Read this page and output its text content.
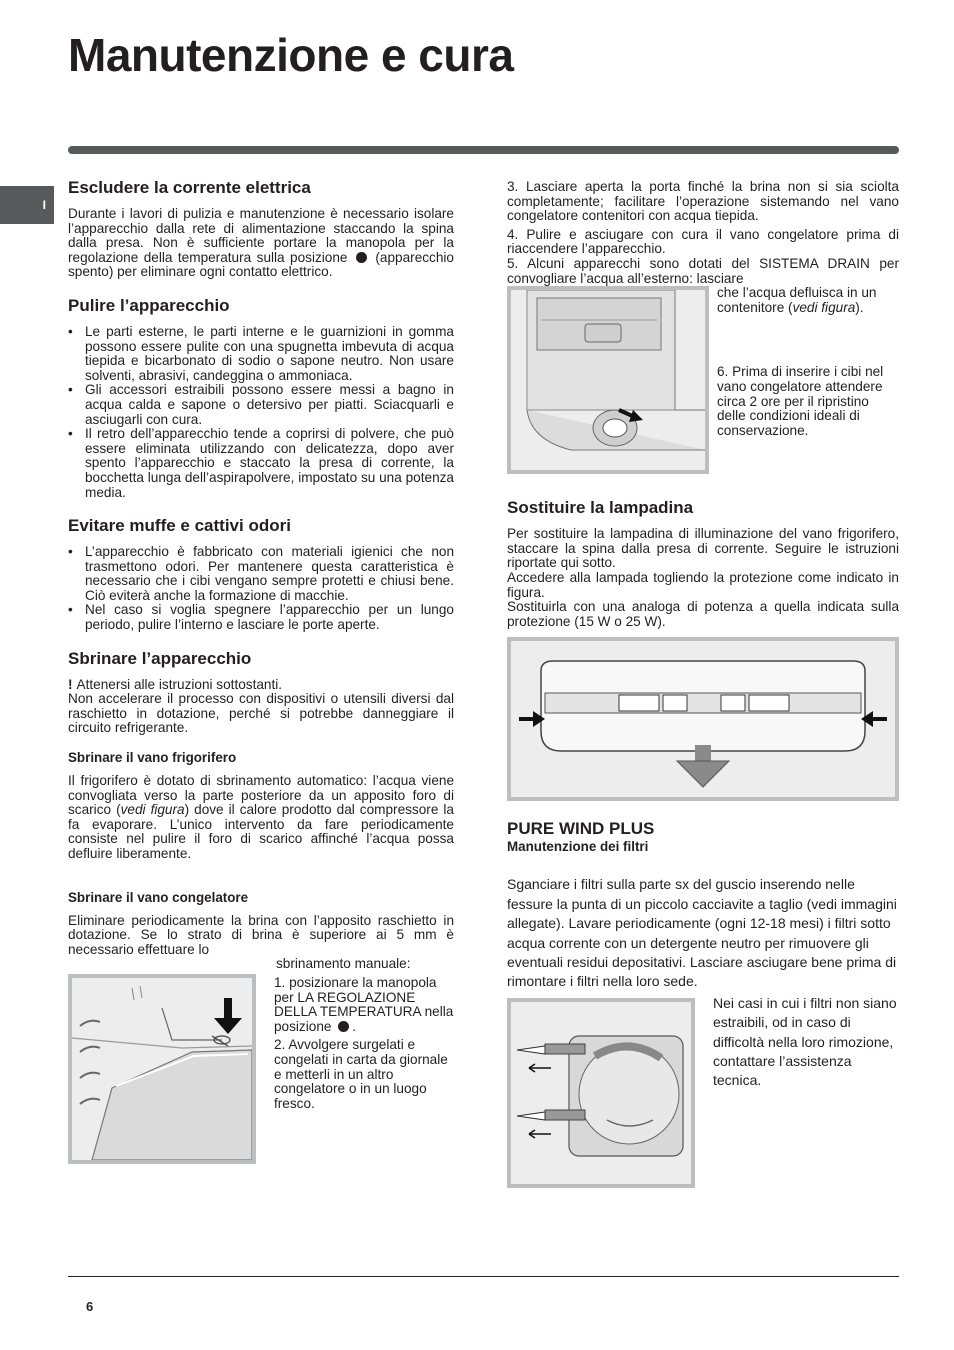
Manutenzione e cura
I
Escludere la corrente elettrica

Durante i lavori di pulizia e manutenzione è necessario isolare l’apparecchio dalla rete di alimentazione staccando la spina dalla presa. Non è sufficiente portare la manopola per la regolazione della temperatura sulla posizione (apparecchio spento) per eliminare ogni contatto elettrico.

Pulire l’apparecchio
• Le parti esterne, le parti interne e le guarnizioni in gomma possono essere pulite con una spugnetta imbevuta di acqua tiepida e bicarbonato di sodio o sapone neutro. Non usare solventi, abrasivi, candeggina o ammoniaca.
• Gli accessori estraibili possono essere messi a bagno in acqua calda e sapone o detersivo per piatti. Sciacquarli e asciugarli con cura.
• Il retro dell’apparecchio tende a coprirsi di polvere, che può essere eliminata utilizzando con delicatezza, dopo aver spento l’apparecchio e staccato la presa di corrente, la bocchetta lunga dell’aspirapolvere, impostato su una potenza media.
Evitare muffe e cattivi odori
• L’apparecchio è fabbricato con materiali igienici che non trasmettono odori. Per mantenere questa caratteristica è necessario che i cibi vengano sempre protetti e chiusi bene. Ciò eviterà anche la formazione di macchie.
• Nel caso si voglia spegnere l’apparecchio per un lungo periodo, pulire l’interno e lasciare le porte aperte.
Sbrinare l’apparecchio

! Attenersi alle istruzioni sottostanti.

Non accelerare il processo con dispositivi o utensili diversi dal raschietto in dotazione, perché si potrebbe danneggiare il circuito refrigerante.

Sbrinare il vano frigorifero

Il frigorifero è dotato di sbrinamento automatico: l’acqua viene convogliata verso la parte posteriore da un apposito foro di scarico (vedi figura) dove il calore prodotto dal compressore la fa evaporare. L’unico intervento da fare periodicamente consiste nel pulire il foro di scarico affinché l’acqua possa defluire liberamente.

Sbrinare il vano congelatore

Eliminare periodicamente la brina con l’apposito raschietto in dotazione. Se lo strato di brina è superiore ai 5 mm è necessario effettuare lo

sbrinamento manuale:

1. posizionare la manopola per LA REGOLAZIONE DELLA TEMPERATURA nella posizione .

2. Avvolgere surgelati e congelati in carta da giornale e metterli in un altro congelatore o in un luogo fresco.

3. Lasciare aperta la porta finché la brina non si sia sciolta completamente; facilitare l’operazione sistemando nel vano congelatore contenitori con acqua tiepida.

4. Pulire e asciugare con cura il vano congelatore prima di riaccendere l’apparecchio.

5. Alcuni apparecchi sono dotati del SISTEMA DRAIN per convogliare l’acqua all’esterno: lasciare

che l’acqua defluisca in un contenitore (vedi figura).

6. Prima di inserire i cibi nel vano congelatore attendere circa 2 ore per il ripristino delle condizioni ideali di conservazione.

Sostituire la lampadina

Per sostituire la lampadina di illuminazione del vano frigorifero, staccare la spina dalla presa di corrente. Seguire le istruzioni riportate qui sotto.

Accedere alla lampada togliendo la protezione come indicato in figura.

Sostituirla con una analoga di potenza a quella indicata sulla protezione (15 W o 25 W).

PURE WIND PLUS
Manutenzione dei filtri

Sganciare i filtri sulla parte sx del guscio inserendo nelle fessure la punta di un piccolo cacciavite a taglio (vedi immagini allegate). Lavare periodicamente (ogni 12-18 mesi) i filtri sotto acqua corrente con un detergente neutro per rimuovere gli eventuali residui depositativi. Lasciare asciugare bene prima di rimontare i filtri nella loro sede.

Nei casi in cui i filtri non siano estraibili, od in caso di difficoltà nella loro rimozione, contattare l’assistenza tecnica.

6
